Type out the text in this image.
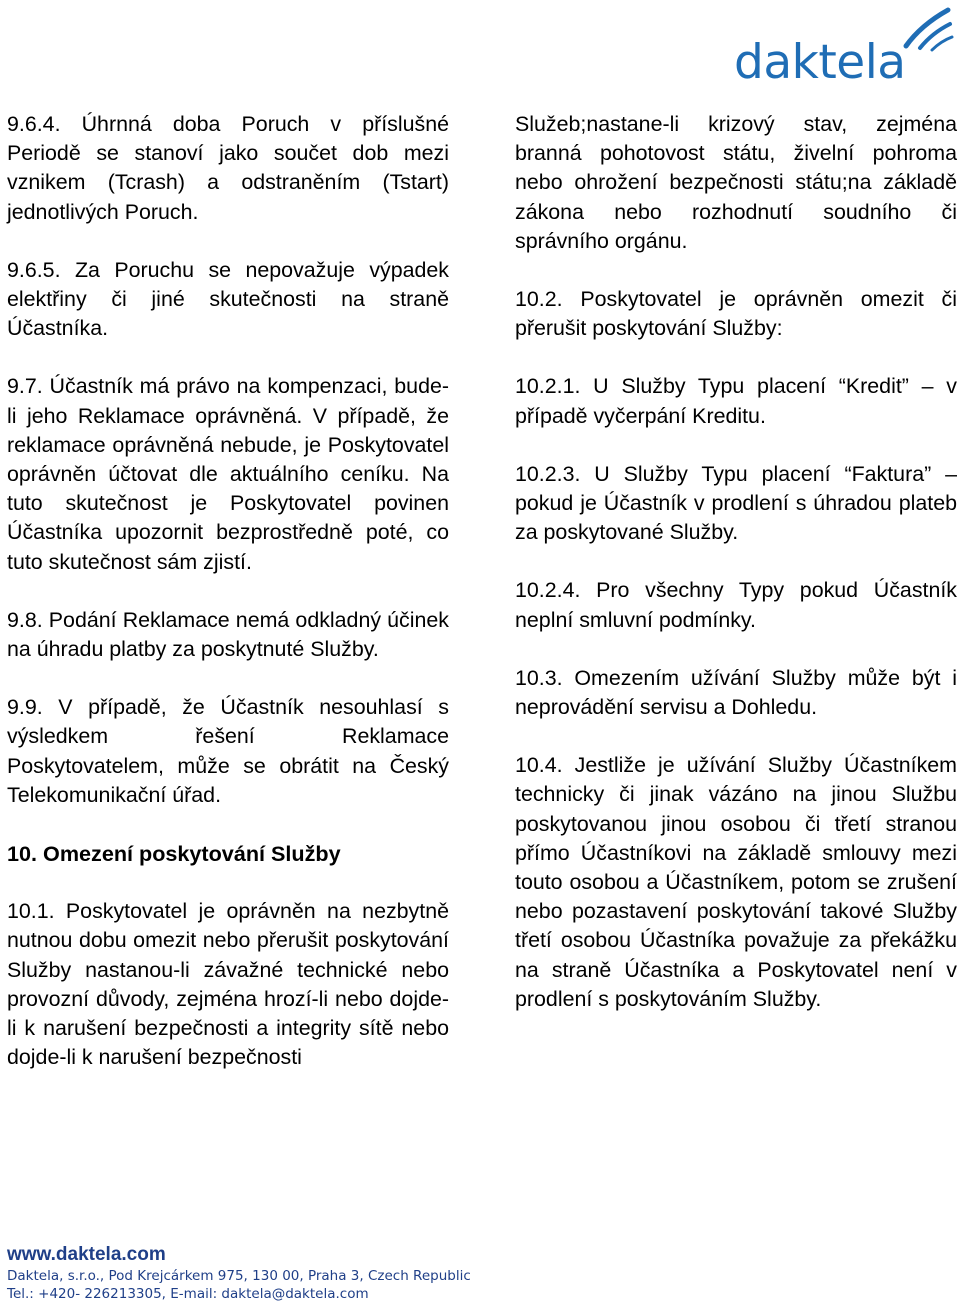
daktela

9.6.4. Úhrnná doba Poruch v příslušné Periodě se stanoví jako součet dob mezi vznikem (Tcrash) a odstraněním (Tstart) jednotlivých Poruch.

9.6.5. Za Poruchu se nepovažuje výpadek elektřiny či jiné skutečnosti na straně Účastníka.

9.7. Účastník má právo na kompenzaci, bude-li jeho Reklamace oprávněná. V případě, že reklamace oprávněná nebude, je Poskytovatel oprávněn účtovat dle aktuálního ceníku. Na tuto skutečnost je Poskytovatel povinen Účastníka upozornit bezprostředně poté, co tuto skutečnost sám zjistí.

9.8. Podání Reklamace nemá odkladný účinek na úhradu platby za poskytnuté Služby.

9.9. V případě, že Účastník nesouhlasí s výsledkem řešení Reklamace Poskytovatelem, může se obrátit na Český Telekomunikační úřad.

10. Omezení poskytování Služby

10.1. Poskytovatel je oprávněn na nezbytně nutnou dobu omezit nebo přerušit poskytování Služby nastanou-li závažné technické nebo provozní důvody, zejména hrozí-li nebo dojde-li k narušení bezpečnosti a integrity sítě nebo dojde-li k narušení bezpečnosti

Služeb;nastane-li krizový stav, zejména branná pohotovost státu, živelní pohroma nebo ohrožení bezpečnosti státu;na základě zákona nebo rozhodnutí soudního či správního orgánu.

10.2. Poskytovatel je oprávněn omezit či přerušit poskytování Služby:

10.2.1. U Služby Typu placení “Kredit” – v případě vyčerpání Kreditu.

10.2.3. U Služby Typu placení “Faktura” – pokud je Účastník v prodlení s úhradou plateb za poskytované Služby.

10.2.4. Pro všechny Typy pokud Účastník neplní smluvní podmínky.

10.3. Omezením užívání Služby může být i neprovádění servisu a Dohledu.

10.4. Jestliže je užívání Služby Účastníkem technicky či jinak vázáno na jinou Službu poskytovanou jinou osobou či třetí stranou přímo Účastníkovi na základě smlouvy mezi touto osobou a Účastníkem, potom se zrušení nebo pozastavení poskytování takové Služby třetí osobou Účastníka považuje za překážku na straně Účastníka a Poskytovatel není v prodlení s poskytováním Služby.

www.daktela.com
Daktela, s.r.o., Pod Krejcárkem 975, 130 00, Praha 3, Czech Republic
Tel.: +420- 226213305, E-mail: daktela@daktela.com
